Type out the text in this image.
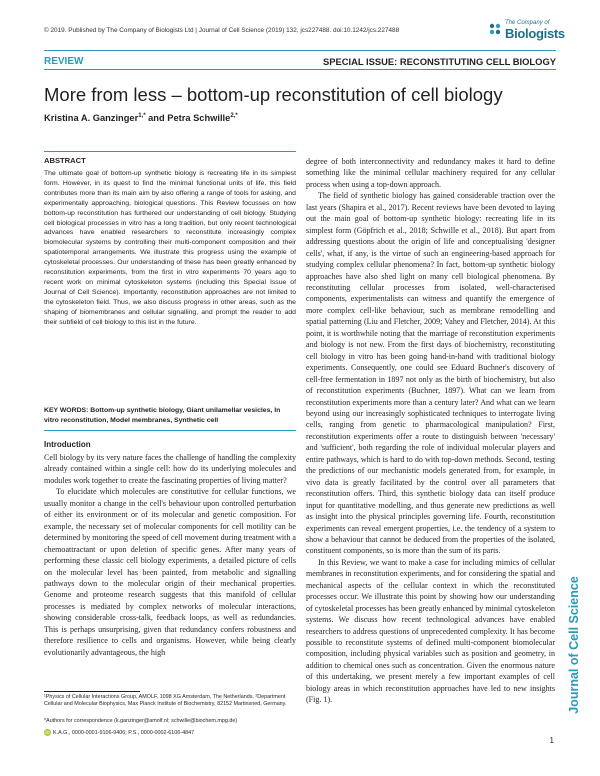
© 2019. Published by The Company of Biologists Ltd | Journal of Cell Science (2019) 132, jcs227488. doi:10.1242/jcs.227488
The Company of
Biologists
REVIEW	SPECIAL ISSUE: RECONSTITUTING CELL BIOLOGY
More from less – bottom-up reconstitution of cell biology
Kristina A. Ganzinger$^{1,*}$ and Petra Schwille$^{2,*}$
ABSTRACT
The ultimate goal of bottom-up synthetic biology is recreating life in its simplest form. However, in its quest to find the minimal functional units of life, this field contributes more than its main aim by also offering a range of tools for asking, and experimentally approaching, biological questions. This Review focusses on how bottom-up reconstitution has furthered our understanding of cell biology. Studying cell biological processes in vitro has a long tradition, but only recent technological advances have enabled researchers to reconstitute increasingly complex biomolecular systems by controlling their multi-component composition and their spatiotemporal arrangements. We illustrate this progress using the example of cytoskeletal processes. Our understanding of these has been greatly enhanced by reconstitution experiments, from the first in vitro experiments 70 years ago to recent work on minimal cytoskeleton systems (including this Special Issue of Journal of Cell Science). Importantly, reconstitution approaches are not limited to the cytoskeleton field. Thus, we also discuss progress in other areas, such as the shaping of biomembranes and cellular signalling, and prompt the reader to add their subfield of cell biology to this list in the future.
KEY WORDS: Bottom-up synthetic biology, Giant unilamellar vesicles, In vitro reconstitution, Model membranes, Synthetic cell
Introduction

Cell biology by its very nature faces the challenge of handling the complexity already contained within a single cell: how do its underlying molecules and modules work together to create the fascinating properties of living matter?

To elucidate which molecules are constitutive for cellular functions, we usually monitor a change in the cell's behaviour upon controlled perturbation of either its environment or of its molecular and genetic composition. For example, the necessary set of molecular components for cell motility can be determined by monitoring the speed of cell movement during treatment with a chemoattractant or upon deletion of specific genes. After many years of performing these classic cell biology experiments, a detailed picture of cells on the molecular level has been painted, from metabolic and signalling pathways down to the molecular origin of their mechanical properties. Genome and proteome research suggests that this manifold of cellular processes is mediated by complex networks of molecular interactions, showing considerable cross-talk, feedback loops, as well as redundancies. This is perhaps unsurprising, given that redundancy confers robustness and therefore resilience to cells and organisms. However, while being clearly evolutionarily advantageous, the high

degree of both interconnectivity and redundancy makes it hard to define something like the minimal cellular machinery required for any cellular process when using a top-down approach.

The field of synthetic biology has gained considerable traction over the last years (Shapira et al., 2017). Recent reviews have been devoted to laying out the main goal of bottom-up synthetic biology: recreating life in its simplest form (Göpfrich et al., 2018; Schwille et al., 2018). But apart from addressing questions about the origin of life and conceptualising 'designer cells', what, if any, is the virtue of such an engineering-based approach for studying complex cellular phenomena? In fact, bottom-up synthetic biology approaches have also shed light on many cell biological phenomena. By reconstituting cellular processes from isolated, well-characterised components, experimentalists can witness and quantify the emergence of more complex cell-like behaviour, such as membrane remodelling and spatial patterning (Liu and Fletcher, 2009; Vahey and Fletcher, 2014). At this point, it is worthwhile noting that the marriage of reconstitution experiments and biology is not new. From the first days of biochemistry, reconstituting cell biology in vitro has been going hand-in-hand with traditional biology experiments. Consequently, one could see Eduard Buchner's discovery of cell-free fermentation in 1897 not only as the birth of biochemistry, but also of reconstitution experiments (Buchner, 1897). What can we learn from reconstitution experiments more than a century later? And what can we learn beyond using our increasingly sophisticated techniques to interrogate living cells, ranging from genetic to pharmacological manipulation? First, reconstitution experiments offer a route to distinguish between 'necessary' and 'sufficient', both regarding the role of individual molecular players and entire pathways, which is hard to do with top-down methods. Second, testing the predictions of our mechanistic models generated from, for example, in vivo data is greatly facilitated by the control over all parameters that reconstitution offers. Third, this synthetic biology data can itself produce input for quantitative modelling, and thus generate new predictions as well as insight into the physical principles governing life. Fourth, reconstitution experiments can reveal emergent properties, i.e. the tendency of a system to show a behaviour that cannot be deduced from the properties of the isolated, constituent components, so is more than the sum of its parts.

In this Review, we want to make a case for including mimics of cellular membranes in reconstitution experiments, and for considering the spatial and mechanical aspects of the cellular context in which the reconstituted processes occur. We illustrate this point by showing how our understanding of cytoskeletal processes has been greatly enhanced by minimal cytoskeleton systems. We discuss how recent technological advances have enabled researchers to address questions of unprecedented complexity. It has become possible to reconstitute systems of defined multi-component biomolecular composition, including physical variables such as position and geometry, in addition to chemical ones such as concentration. Given the enormous nature of this undertaking, we present merely a few important examples of cell biology areas in which reconstitution approaches have led to new insights (Fig. 1).

¹Physics of Cellular Interactions Group, AMOLF, 1098 XG Amsterdam, The Netherlands. ²Department Cellular and Molecular Biophysics, Max Planck Institute of Biochemistry, 82152 Martinsried, Germany.
*Authors for correspondence (k.ganzinger@amolf.nl; schwille@biochem.mpg.de)
iD K.A.G., 0000-0001-9106-9406; P.S., 0000-0002-6106-4847
Journal of Cell Science
1
